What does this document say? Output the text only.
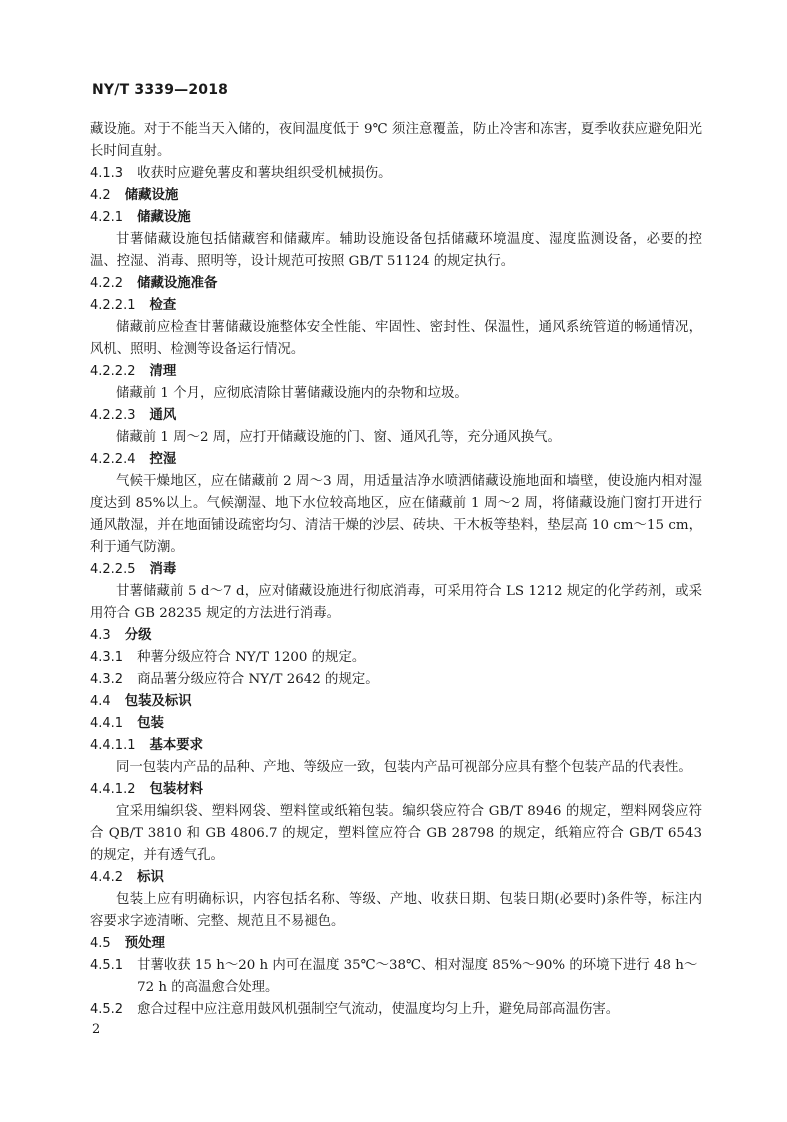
NY/T 3339—2018

藏设施。对于不能当天入储的，夜间温度低于 9℃ 须注意覆盖，防止冷害和冻害，夏季收获应避免阳光长时间直射。

4.1.3 收获时应避免薯皮和薯块组织受机械损伤。
4.2 储藏设施
4.2.1 储藏设施

甘薯储藏设施包括储藏窖和储藏库。辅助设施设备包括储藏环境温度、湿度监测设备，必要的控温、控湿、消毒、照明等，设计规范可按照 GB/T 51124 的规定执行。

4.2.2 储藏设施准备
4.2.2.1 检查

储藏前应检查甘薯储藏设施整体安全性能、牢固性、密封性、保温性，通风系统管道的畅通情况，风机、照明、检测等设备运行情况。

4.2.2.2 清理

储藏前 1 个月，应彻底清除甘薯储藏设施内的杂物和垃圾。

4.2.2.3 通风

储藏前 1 周～2 周，应打开储藏设施的门、窗、通风孔等，充分通风换气。

4.2.2.4 控湿

气候干燥地区，应在储藏前 2 周～3 周，用适量洁净水喷洒储藏设施地面和墙壁，使设施内相对湿度达到 85%以上。气候潮湿、地下水位较高地区，应在储藏前 1 周～2 周，将储藏设施门窗打开进行通风散湿，并在地面铺设疏密均匀、清洁干燥的沙层、砖块、干木板等垫料，垫层高 10 cm～15 cm，利于通气防潮。

4.2.2.5 消毒

甘薯储藏前 5 d～7 d，应对储藏设施进行彻底消毒，可采用符合 LS 1212 规定的化学药剂，或采用符合 GB 28235 规定的方法进行消毒。

4.3 分级
4.3.1 种薯分级应符合 NY/T 1200 的规定。
4.3.2 商品薯分级应符合 NY/T 2642 的规定。
4.4 包装及标识
4.4.1 包装
4.4.1.1 基本要求

同一包装内产品的品种、产地、等级应一致，包装内产品可视部分应具有整个包装产品的代表性。

4.4.1.2 包装材料

宜采用编织袋、塑料网袋、塑料筐或纸箱包装。编织袋应符合 GB/T 8946 的规定，塑料网袋应符合 QB/T 3810 和 GB 4806.7 的规定，塑料筐应符合 GB 28798 的规定，纸箱应符合 GB/T 6543 的规定，并有透气孔。

4.4.2 标识

包装上应有明确标识，内容包括名称、等级、产地、收获日期、包装日期(必要时)条件等，标注内容要求字迹清晰、完整、规范且不易褪色。

4.5 预处理
4.5.1 甘薯收获 15 h～20 h 内可在温度 35℃～38℃、相对湿度 85%～90% 的环境下进行 48 h～72 h 的高温愈合处理。
4.5.2 愈合过程中应注意用鼓风机强制空气流动，使温度均匀上升，避免局部高温伤害。
2
